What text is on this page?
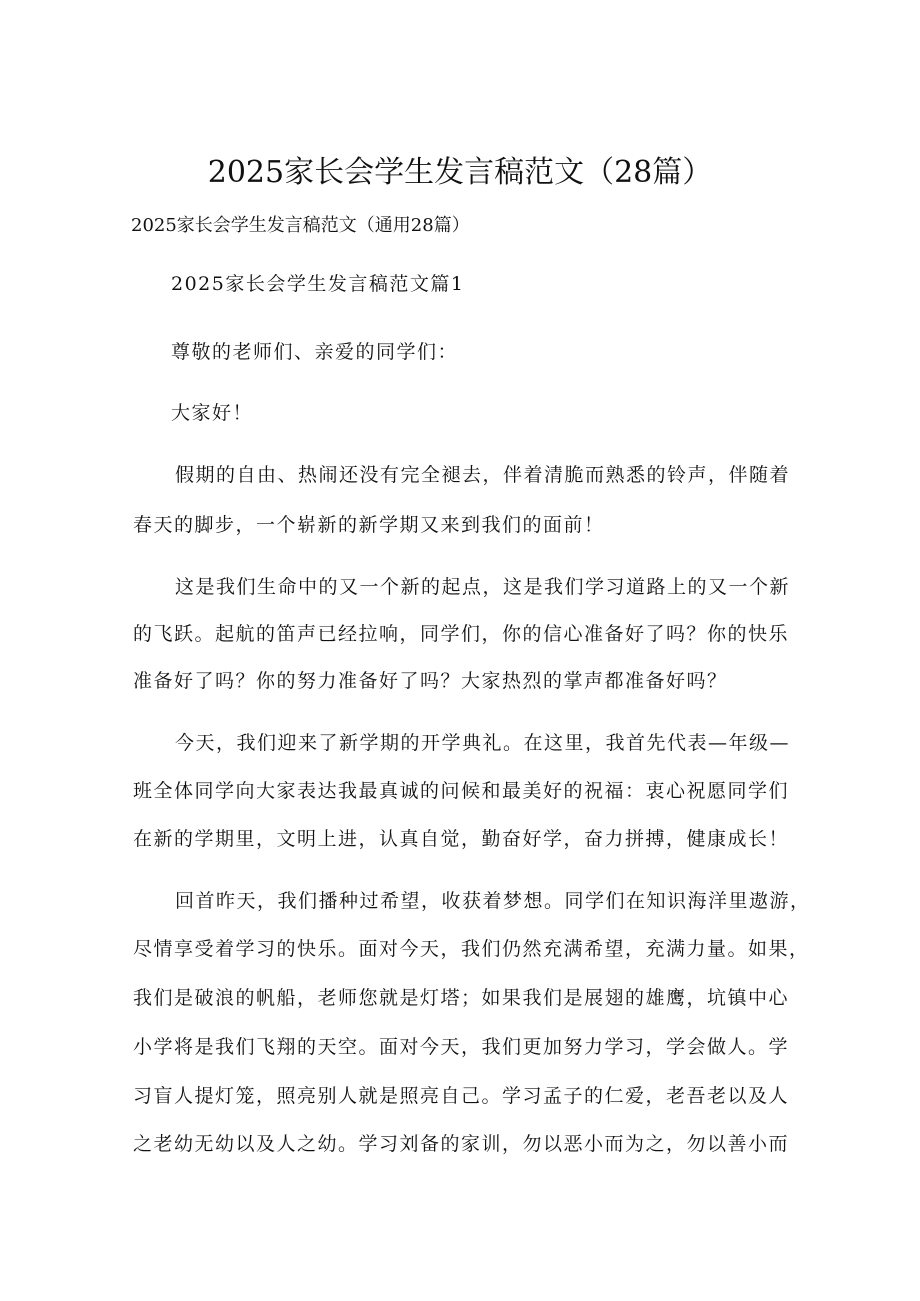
2025家长会学生发言稿范文（28篇）
2025家长会学生发言稿范文（通用28篇）
2025家长会学生发言稿范文篇1
尊敬的老师们、亲爱的同学们：
大家好！
假期的自由、热闹还没有完全褪去，伴着清脆而熟悉的铃声，伴随着
春天的脚步，一个崭新的新学期又来到我们的面前！
这是我们生命中的又一个新的起点，这是我们学习道路上的又一个新
的飞跃。起航的笛声已经拉响，同学们，你的信心准备好了吗？你的快乐
准备好了吗？你的努力准备好了吗？大家热烈的掌声都准备好吗？
今天，我们迎来了新学期的开学典礼。在这里，我首先代表—年级—
班全体同学向大家表达我最真诚的问候和最美好的祝福：衷心祝愿同学们
在新的学期里，文明上进，认真自觉，勤奋好学，奋力拼搏，健康成长！
回首昨天，我们播种过希望，收获着梦想。同学们在知识海洋里遨游，
尽情享受着学习的快乐。面对今天，我们仍然充满希望，充满力量。如果，
我们是破浪的帆船，老师您就是灯塔；如果我们是展翅的雄鹰，坑镇中心
小学将是我们飞翔的天空。面对今天，我们更加努力学习，学会做人。学
习盲人提灯笼，照亮别人就是照亮自己。学习孟子的仁爱，老吾老以及人
之老幼无幼以及人之幼。学习刘备的家训，勿以恶小而为之，勿以善小而
